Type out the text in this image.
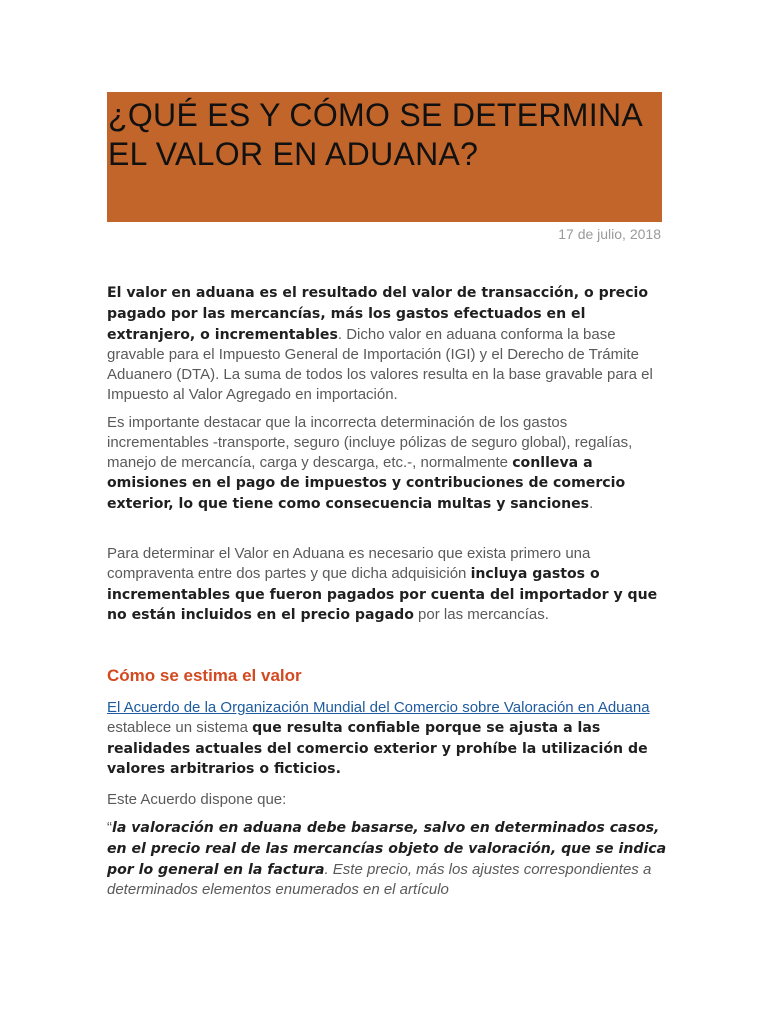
¿QUÉ ES Y CÓMO SE DETERMINA EL VALOR EN ADUANA?
17 de julio, 2018

El valor en aduana es el resultado del valor de transacción, o precio pagado por las mercancías, más los gastos efectuados en el extranjero, o incrementables. Dicho valor en aduana conforma la base gravable para el Impuesto General de Importación (IGI) y el Derecho de Trámite Aduanero (DTA). La suma de todos los valores resulta en la base gravable para el Impuesto al Valor Agregado en importación.

Es importante destacar que la incorrecta determinación de los gastos incrementables -transporte, seguro (incluye pólizas de seguro global), regalías, manejo de mercancía, carga y descarga, etc.-, normalmente conlleva a omisiones en el pago de impuestos y contribuciones de comercio exterior, lo que tiene como consecuencia multas y sanciones.

Para determinar el Valor en Aduana es necesario que exista primero una compraventa entre dos partes y que dicha adquisición incluya gastos o incrementables que fueron pagados por cuenta del importador y que no están incluidos en el precio pagado por las mercancías.

Cómo se estima el valor

El Acuerdo de la Organización Mundial del Comercio sobre Valoración en Aduana establece un sistema que resulta confiable porque se ajusta a las realidades actuales del comercio exterior y prohíbe la utilización de valores arbitrarios o ficticios.

Este Acuerdo dispone que:

“la valoración en aduana debe basarse, salvo en determinados casos, en el precio real de las mercancías objeto de valoración, que se indica por lo general en la factura. Este precio, más los ajustes correspondientes a determinados elementos enumerados en el artículo
